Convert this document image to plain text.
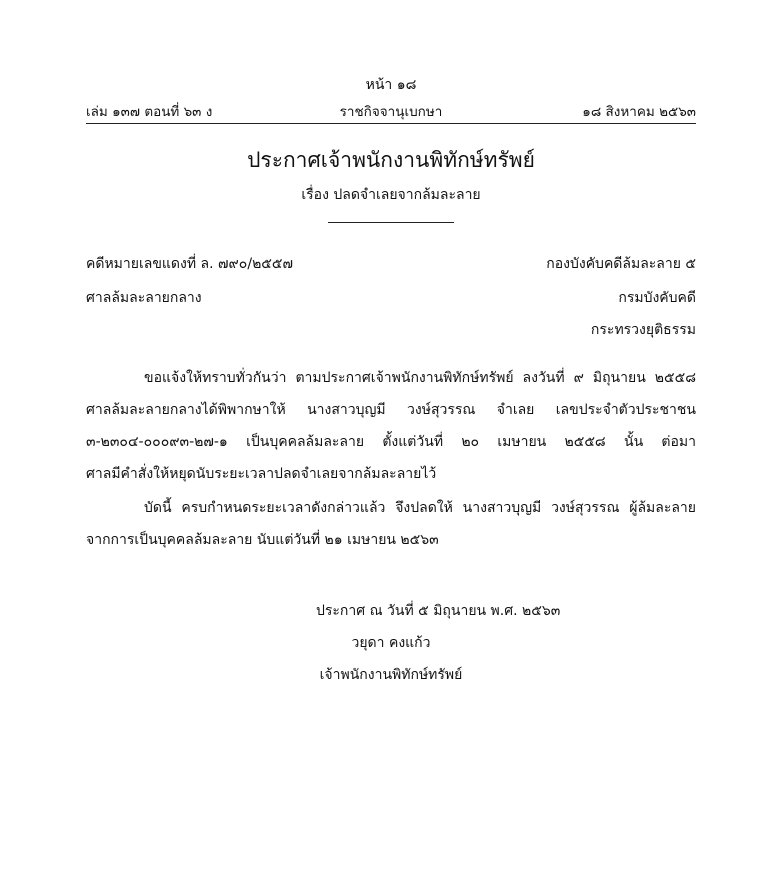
หน้า ๑๘
เล่ม ๑๓๗ ตอนที่ ๖๓ ง	ราชกิจจานุเบกษา	๑๘ สิงหาคม ๒๕๖๓
ประกาศเจ้าพนักงานพิทักษ์ทรัพย์
เรื่อง ปลดจำเลยจากล้มละลาย
คดีหมายเลขแดงที่ ล. ๗๙๐/๒๕๕๗
ศาลล้มละลายกลาง
กองบังคับคดีล้มละลาย ๕
กรมบังคับคดี
กระทรวงยุติธรรม
ขอแจ้งให้ทราบทั่วกันว่า ตามประกาศเจ้าพนักงานพิทักษ์ทรัพย์ ลงวันที่ ๙ มิถุนายน ๒๕๕๘
ศาลล้มละลายกลางได้พิพากษาให้ นางสาวบุญมี วงษ์สุวรรณ จำเลย เลขประจำตัวประชาชน
๓-๒๓๐๔-๐๐๐๙๓-๒๗-๑ เป็นบุคคลล้มละลาย ตั้งแต่วันที่ ๒๐ เมษายน ๒๕๕๘ นั้น ต่อมา
ศาลมีคำสั่งให้หยุดนับระยะเวลาปลดจำเลยจากล้มละลายไว้
บัดนี้ ครบกำหนดระยะเวลาดังกล่าวแล้ว จึงปลดให้ นางสาวบุญมี วงษ์สุวรรณ ผู้ล้มละลาย
จากการเป็นบุคคลล้มละลาย นับแต่วันที่ ๒๑ เมษายน ๒๕๖๓
ประกาศ ณ วันที่ ๕ มิถุนายน พ.ศ. ๒๕๖๓
วยุดา คงแก้ว
เจ้าพนักงานพิทักษ์ทรัพย์
